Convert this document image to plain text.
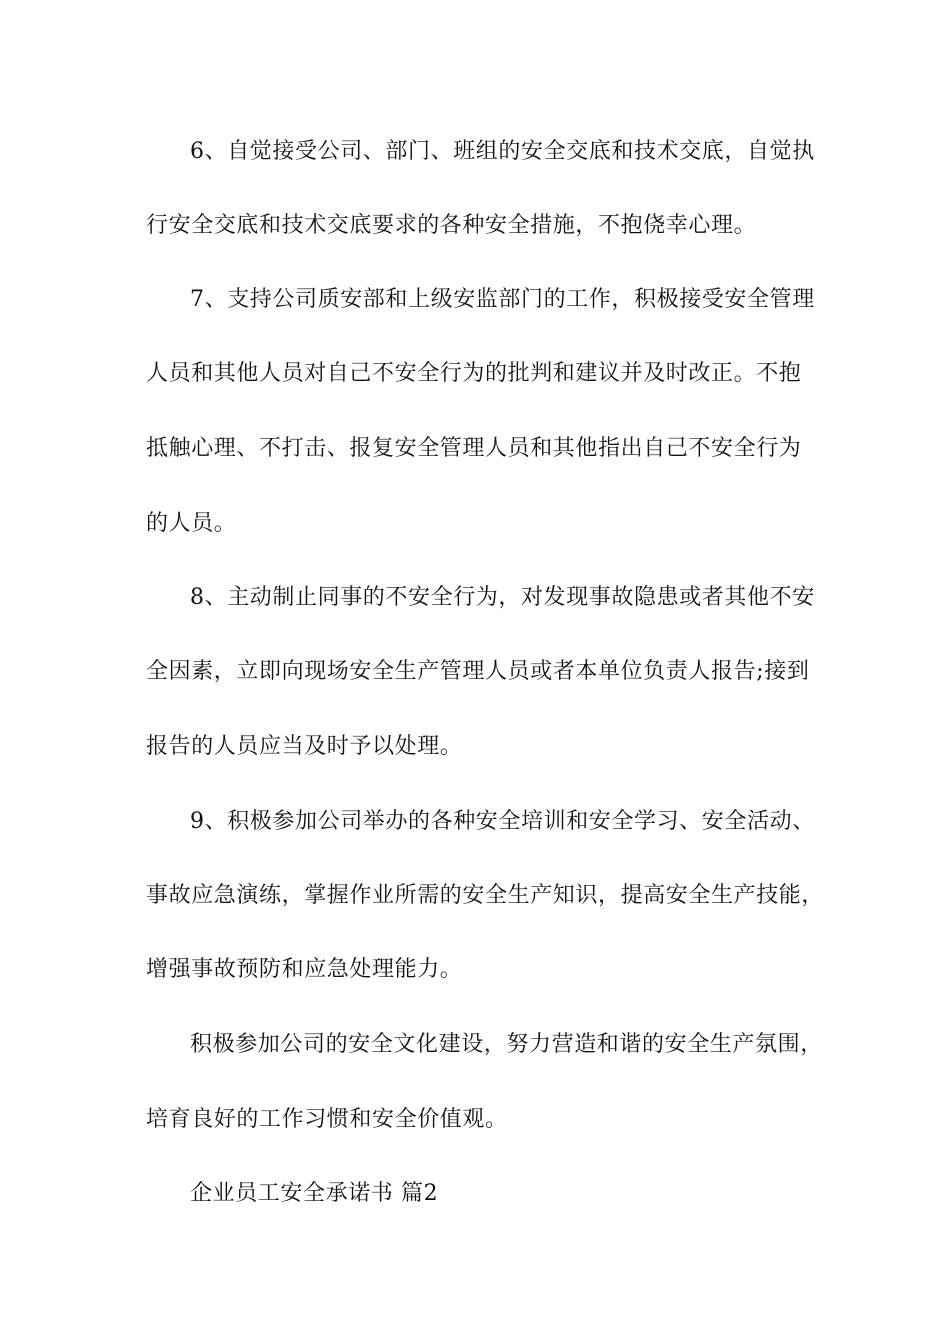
6、自觉接受公司、部门、班组的安全交底和技术交底，自觉执
行安全交底和技术交底要求的各种安全措施，不抱侥幸心理。
7、支持公司质安部和上级安监部门的工作，积极接受安全管理
人员和其他人员对自己不安全行为的批判和建议并及时改正。不抱
抵触心理、不打击、报复安全管理人员和其他指出自己不安全行为
的人员。
8、主动制止同事的不安全行为，对发现事故隐患或者其他不安
全因素，立即向现场安全生产管理人员或者本单位负责人报告;接到
报告的人员应当及时予以处理。
9、积极参加公司举办的各种安全培训和安全学习、安全活动、
事故应急演练，掌握作业所需的安全生产知识，提高安全生产技能，
增强事故预防和应急处理能力。
积极参加公司的安全文化建设，努力营造和谐的安全生产氛围，
培育良好的工作习惯和安全价值观。
企业员工安全承诺书 篇2
